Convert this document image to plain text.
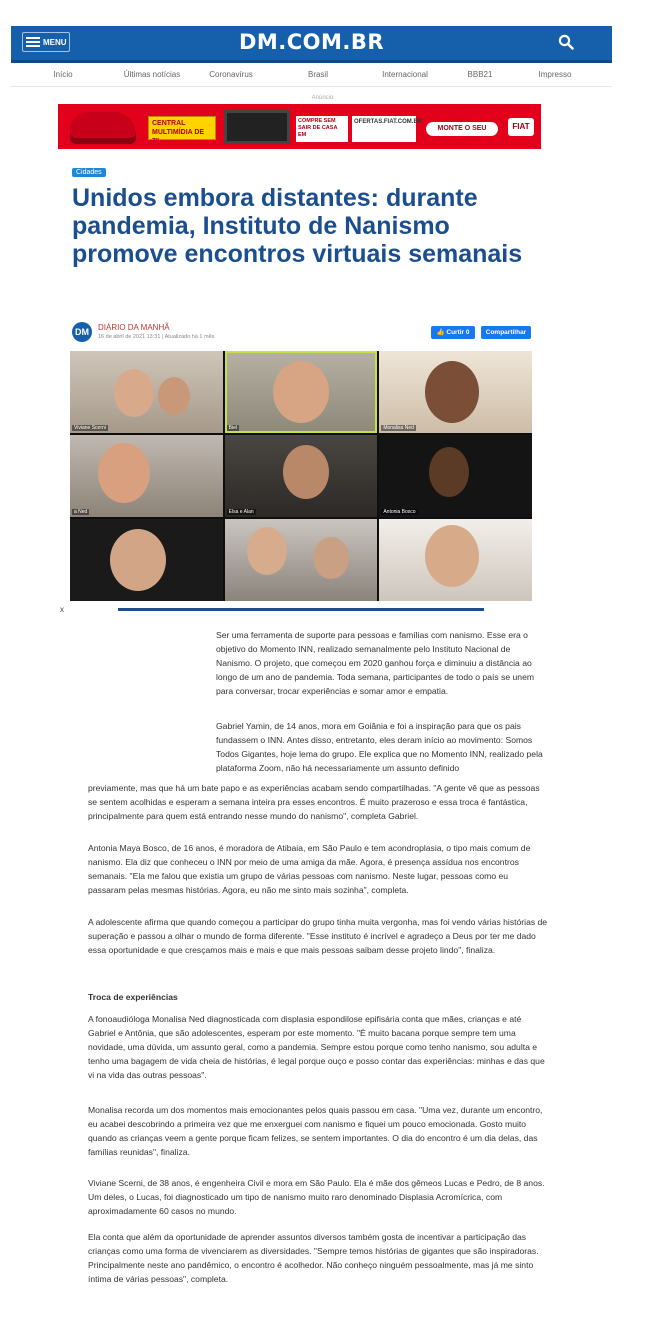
MENU	DM.COM.BR
Início	Últimas notícias	Coronavírus	Brasil	Internacional	BBB21	Impresso
Anúncio
CENTRAL MULTIMÍDIA DE 7"
COMPRE SEM SAIR DE CASA EM
OFERTAS.FIAT.COM.BR
MONTE O SEU	FIAT
Cidades
Unidos embora distantes: durante pandemia, Instituto de Nanismo promove encontros virtuais semanais
DM	DIÁRIO DA MANHÃ
16 de abril de 2021 13:31 | Atualizado há 1 mês
👍 Curtir 0	Compartilhar
Viviane Scerni	Biel	Monalisa Ned
a Ned	Elsa e Alan	Antonia Bosco
x

Ser uma ferramenta de suporte para pessoas e famílias com nanismo. Esse era o objetivo do Momento INN, realizado semanalmente pelo Instituto Nacional de Nanismo. O projeto, que começou em 2020 ganhou força e diminuiu a distância ao longo de um ano de pandemia. Toda semana, participantes de todo o país se unem para conversar, trocar experiências e somar amor e empatia.

Gabriel Yamin, de 14 anos, mora em Goiânia e foi a inspiração para que os pais fundassem o INN. Antes disso, entretanto, eles deram início ao movimento: Somos Todos Gigantes, hoje lema do grupo. Ele explica que no Momento INN, realizado pela plataforma Zoom, não há necessariamente um assunto definido

previamente, mas que há um bate papo e as experiências acabam sendo compartilhadas. "A gente vê que as pessoas se sentem acolhidas e esperam a semana inteira pra esses encontros. É muito prazeroso e essa troca é fantástica, principalmente para quem está entrando nesse mundo do nanismo", completa Gabriel.

Antonia Maya Bosco, de 16 anos, é moradora de Atibaia, em São Paulo e tem acondroplasia, o tipo mais comum de nanismo. Ela diz que conheceu o INN por meio de uma amiga da mãe. Agora, é presença assídua nos encontros semanais. "Ela me falou que existia um grupo de várias pessoas com nanismo. Neste lugar, pessoas como eu passaram pelas mesmas histórias. Agora, eu não me sinto mais sozinha", completa.

A adolescente afirma que quando começou a participar do grupo tinha muita vergonha, mas foi vendo várias histórias de superação e passou a olhar o mundo de forma diferente. "Esse instituto é incrível e agradeço a Deus por ter me dado essa oportunidade e que cresçamos mais e mais e que mais pessoas saibam desse projeto lindo", finaliza.

Troca de experiências

A fonoaudióloga Monalisa Ned diagnosticada com displasia espondilose epifisária conta que mães, crianças e até Gabriel e Antônia, que são adolescentes, esperam por este momento. "É muito bacana porque sempre tem uma novidade, uma dúvida, um assunto geral, como a pandemia. Sempre estou porque como tenho nanismo, sou adulta e tenho uma bagagem de vida cheia de histórias, é legal porque ouço e posso contar das experiências: minhas e das que vi na vida das outras pessoas".

Monalisa recorda um dos momentos mais emocionantes pelos quais passou em casa. "Uma vez, durante um encontro, eu acabei descobrindo a primeira vez que me enxerguei com nanismo e fiquei um pouco emocionada. Gosto muito quando as crianças veem a gente porque ficam felizes, se sentem importantes. O dia do encontro é um dia delas, das famílias reunidas", finaliza.

Viviane Scerni, de 38 anos, é engenheira Civil e mora em São Paulo. Ela é mãe dos gêmeos Lucas e Pedro, de 8 anos. Um deles, o Lucas, foi diagnosticado um tipo de nanismo muito raro denominado Displasia Acromícrica, com aproximadamente 60 casos no mundo.

Ela conta que além da oportunidade de aprender assuntos diversos também gosta de incentivar a participação das crianças como uma forma de vivenciarem as diversidades. "Sempre temos histórias de gigantes que são inspiradoras. Principalmente neste ano pandêmico, o encontro é acolhedor. Não conheço ninguém pessoalmente, mas já me sinto íntima de várias pessoas", completa.
